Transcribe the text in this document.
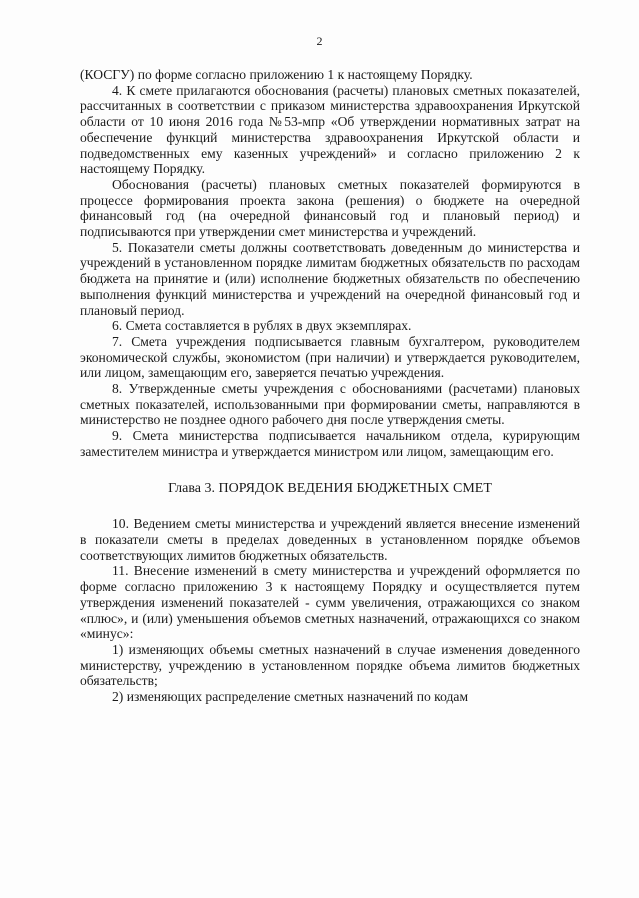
2

(КОСГУ) по форме согласно приложению 1 к настоящему Порядку.

4. К смете прилагаются обоснования (расчеты) плановых сметных показателей, рассчитанных в соответствии с приказом министерства здравоохранения Иркутской области от 10 июня 2016 года №53-мпр «Об утверждении нормативных затрат на обеспечение функций министерства здравоохранения Иркутской области и подведомственных ему казенных учреждений» и согласно приложению 2 к настоящему Порядку.

Обоснования (расчеты) плановых сметных показателей формируются в процессе формирования проекта закона (решения) о бюджете на очередной финансовый год (на очередной финансовый год и плановый период) и подписываются при утверждении смет министерства и учреждений.

5. Показатели сметы должны соответствовать доведенным до министерства и учреждений в установленном порядке лимитам бюджетных обязательств по расходам бюджета на принятие и (или) исполнение бюджетных обязательств по обеспечению выполнения функций министерства и учреждений на очередной финансовый год и плановый период.

6. Смета составляется в рублях в двух экземплярах.

7. Смета учреждения подписывается главным бухгалтером, руководителем экономической службы, экономистом (при наличии) и утверждается руководителем, или лицом, замещающим его, заверяется печатью учреждения.

8. Утвержденные сметы учреждения с обоснованиями (расчетами) плановых сметных показателей, использованными при формировании сметы, направляются в министерство не позднее одного рабочего дня после утверждения сметы.

9. Смета министерства подписывается начальником отдела, курирующим заместителем министра и утверждается министром или лицом, замещающим его.

Глава 3. ПОРЯДОК ВЕДЕНИЯ БЮДЖЕТНЫХ СМЕТ

10. Ведением сметы министерства и учреждений является внесение изменений в показатели сметы в пределах доведенных в установленном порядке объемов соответствующих лимитов бюджетных обязательств.

11. Внесение изменений в смету министерства и учреждений оформляется по форме согласно приложению 3 к настоящему Порядку и осуществляется путем утверждения изменений показателей - сумм увеличения, отражающихся со знаком «плюс», и (или) уменьшения объемов сметных назначений, отражающихся со знаком «минус»:

1) изменяющих объемы сметных назначений в случае изменения доведенного министерству, учреждению в установленном порядке объема лимитов бюджетных обязательств;

2) изменяющих распределение сметных назначений по кодам
